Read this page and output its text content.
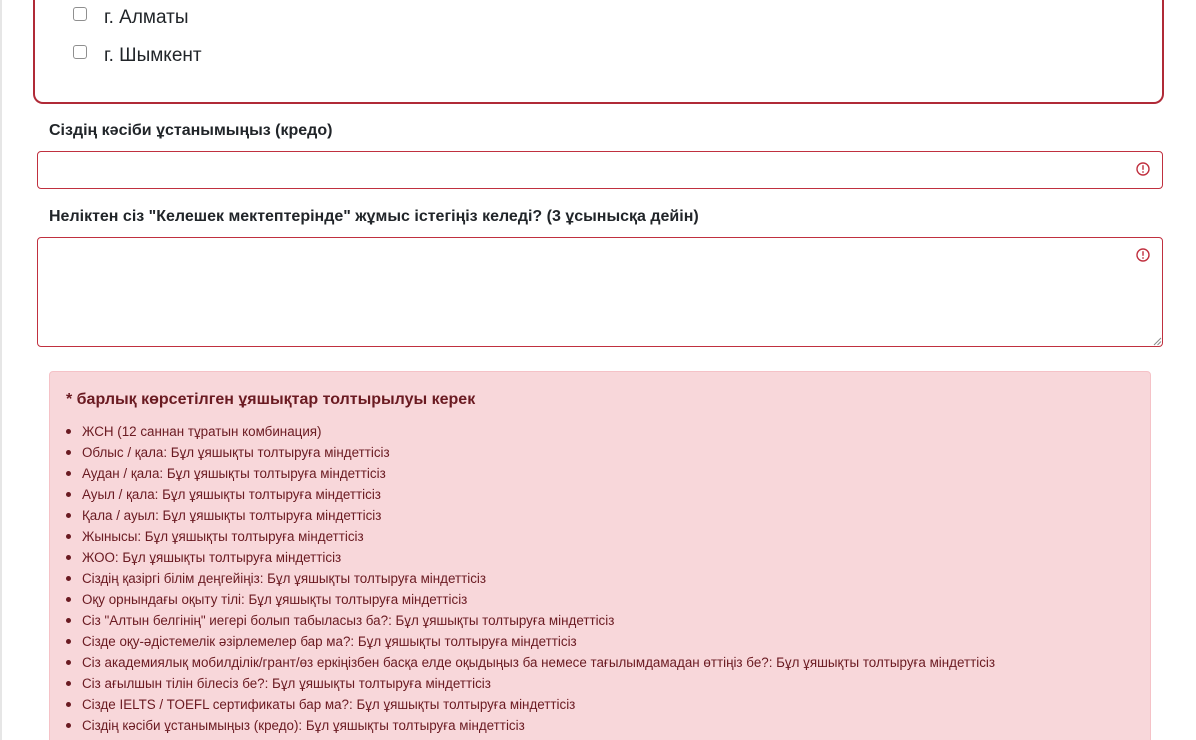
г. Алматы
г. Шымкент
Сіздің кәсіби ұстанымыңыз (кредо)
Неліктен сіз "Келешек мектептерінде" жұмыс істегіңіз келеді? (3 ұсынысқа дейін)
* барлық көрсетілген ұяшықтар толтырылуы керек
ЖСН (12 саннан тұратын комбинация)
Облыс / қала: Бұл ұяшықты толтыруға міндеттісіз
Аудан / қала: Бұл ұяшықты толтыруға міндеттісіз
Ауыл / қала: Бұл ұяшықты толтыруға міндеттісіз
Қала / ауыл: Бұл ұяшықты толтыруға міндеттісіз
Жынысы: Бұл ұяшықты толтыруға міндеттісіз
ЖОО: Бұл ұяшықты толтыруға міндеттісіз
Сіздің қазіргі білім деңгейіңіз: Бұл ұяшықты толтыруға міндеттісіз
Оқу орнындағы оқыту тілі: Бұл ұяшықты толтыруға міндеттісіз
Сіз "Алтын белгінің" иегері болып табыласыз ба?: Бұл ұяшықты толтыруға міндеттісіз
Сізде оқу-әдістемелік әзірлемелер бар ма?: Бұл ұяшықты толтыруға міндеттісіз
Сіз академиялық мобилділік/грант/өз еркіңізбен басқа елде оқыдыңыз ба немесе тағылымдамадан өттіңіз бе?: Бұл ұяшықты толтыруға міндеттісіз
Сіз ағылшын тілін білесіз бе?: Бұл ұяшықты толтыруға міндеттісіз
Сізде IELTS / TOEFL сертификаты бар ма?: Бұл ұяшықты толтыруға міндеттісіз
Сіздің кәсіби ұстанымыңыз (кредо): Бұл ұяшықты толтыруға міндеттісіз
